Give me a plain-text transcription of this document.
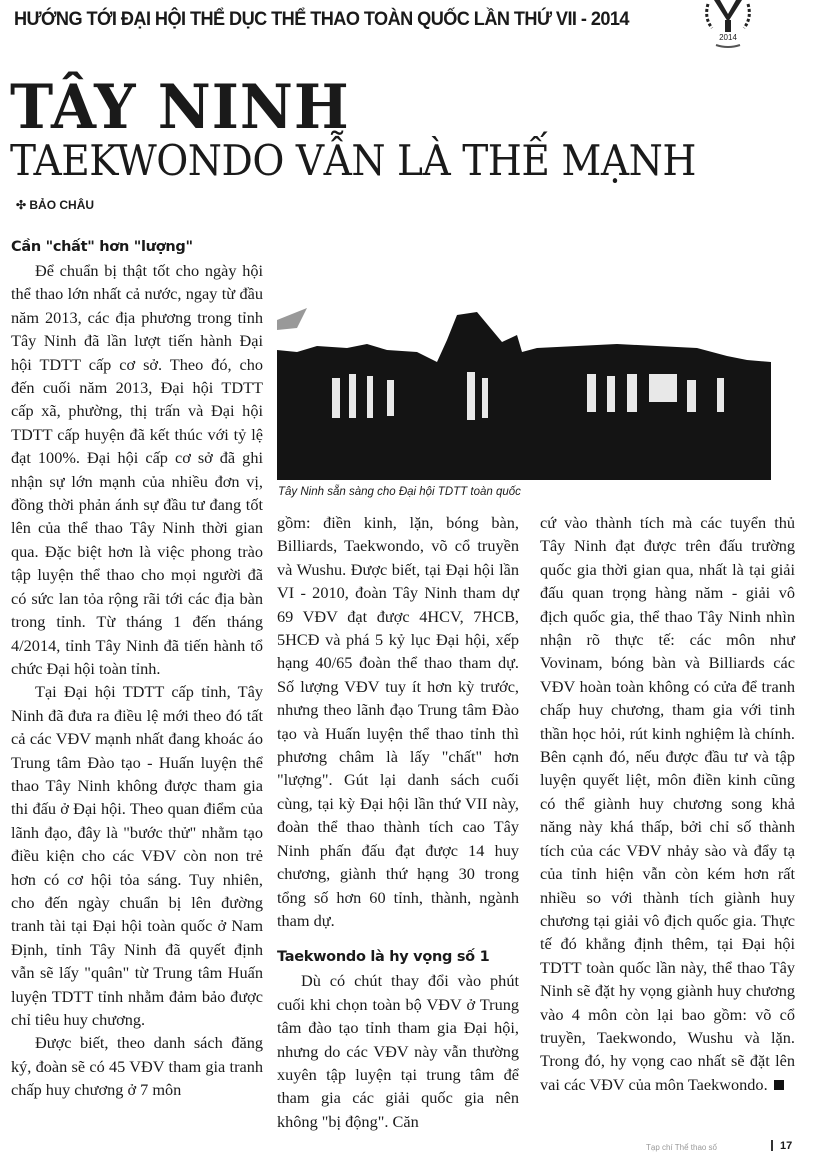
HƯỚNG TỚI ĐẠI HỘI THỂ DỤC THỂ THAO TOÀN QUỐC LẦN THỨ VII - 2014
2014
TÂY NINH
TAEKWONDO VẪN LÀ THẾ MẠNH
✣ BẢO CHÂU
Cần "chất" hơn "lượng"

Để chuẩn bị thật tốt cho ngày hội thể thao lớn nhất cả nước, ngay từ đầu năm 2013, các địa phương trong tỉnh Tây Ninh đã lần lượt tiến hành Đại hội TDTT cấp cơ sở. Theo đó, cho đến cuối năm 2013, Đại hội TDTT cấp xã, phường, thị trấn và Đại hội TDTT cấp huyện đã kết thúc với tỷ lệ đạt 100%. Đại hội cấp cơ sở đã ghi nhận sự lớn mạnh của nhiều đơn vị, đồng thời phản ánh sự đầu tư đang tốt lên của thể thao Tây Ninh thời gian qua. Đặc biệt hơn là việc phong trào tập luyện thể thao cho mọi người đã có sức lan tỏa rộng rãi tới các địa bàn trong tỉnh. Từ tháng 1 đến tháng 4/2014, tỉnh Tây Ninh đã tiến hành tổ chức Đại hội toàn tỉnh.

Tại Đại hội TDTT cấp tỉnh, Tây Ninh đã đưa ra điều lệ mới theo đó tất cả các VĐV mạnh nhất đang khoác áo Trung tâm Đào tạo - Huấn luyện thể thao Tây Ninh không được tham gia thi đấu ở Đại hội. Theo quan điểm của lãnh đạo, đây là "bước thử" nhằm tạo điều kiện cho các VĐV còn non trẻ hơn có cơ hội tỏa sáng. Tuy nhiên, cho đến ngày chuẩn bị lên đường tranh tài tại Đại hội toàn quốc ở Nam Định, tỉnh Tây Ninh đã quyết định vẫn sẽ lấy "quân" từ Trung tâm Huấn luyện TDTT tỉnh nhằm đảm bảo được chỉ tiêu huy chương.

Được biết, theo danh sách đăng ký, đoàn sẽ có 45 VĐV tham gia tranh chấp huy chương ở 7 môn

Tây Ninh sẵn sàng cho Đại hội TDTT toàn quốc

gồm: điền kinh, lặn, bóng bàn, Billiards, Taekwondo, võ cổ truyền và Wushu. Được biết, tại Đại hội lần VI - 2010, đoàn Tây Ninh tham dự 69 VĐV đạt được 4HCV, 7HCB, 5HCĐ và phá 5 kỷ lục Đại hội, xếp hạng 40/65 đoàn thể thao tham dự. Số lượng VĐV tuy ít hơn kỳ trước, nhưng theo lãnh đạo Trung tâm Đào tạo và Huấn luyện thể thao tỉnh thì phương châm là lấy "chất" hơn "lượng". Gút lại danh sách cuối cùng, tại kỳ Đại hội lần thứ VII này, đoàn thể thao thành tích cao Tây Ninh phấn đấu đạt được 14 huy chương, giành thứ hạng 30 trong tổng số hơn 60 tỉnh, thành, ngành tham dự.

Taekwondo là hy vọng số 1

Dù có chút thay đổi vào phút cuối khi chọn toàn bộ VĐV ở Trung tâm đào tạo tỉnh tham gia Đại hội, nhưng do các VĐV này vẫn thường xuyên tập luyện tại trung tâm để tham gia các giải quốc gia nên không "bị động". Căn

cứ vào thành tích mà các tuyển thủ Tây Ninh đạt được trên đấu trường quốc gia thời gian qua, nhất là tại giải đấu quan trọng hàng năm - giải vô địch quốc gia, thể thao Tây Ninh nhìn nhận rõ thực tế: các môn như Vovinam, bóng bàn và Billiards các VĐV hoàn toàn không có cửa để tranh chấp huy chương, tham gia với tinh thần học hỏi, rút kinh nghiệm là chính. Bên cạnh đó, nếu được đầu tư và tập luyện quyết liệt, môn điền kinh cũng có thể giành huy chương song khả năng này khá thấp, bởi chỉ số thành tích của các VĐV nhảy sào và đẩy tạ của tỉnh hiện vẫn còn kém hơn rất nhiều so với thành tích giành huy chương tại giải vô địch quốc gia. Thực tế đó khẳng định thêm, tại Đại hội TDTT toàn quốc lần này, thể thao Tây Ninh sẽ đặt hy vọng giành huy chương vào 4 môn còn lại bao gồm: võ cổ truyền, Taekwondo, Wushu và lặn. Trong đó, hy vọng cao nhất sẽ đặt lên vai các VĐV của môn Taekwondo.

Tạp chí Thể thao số	17
